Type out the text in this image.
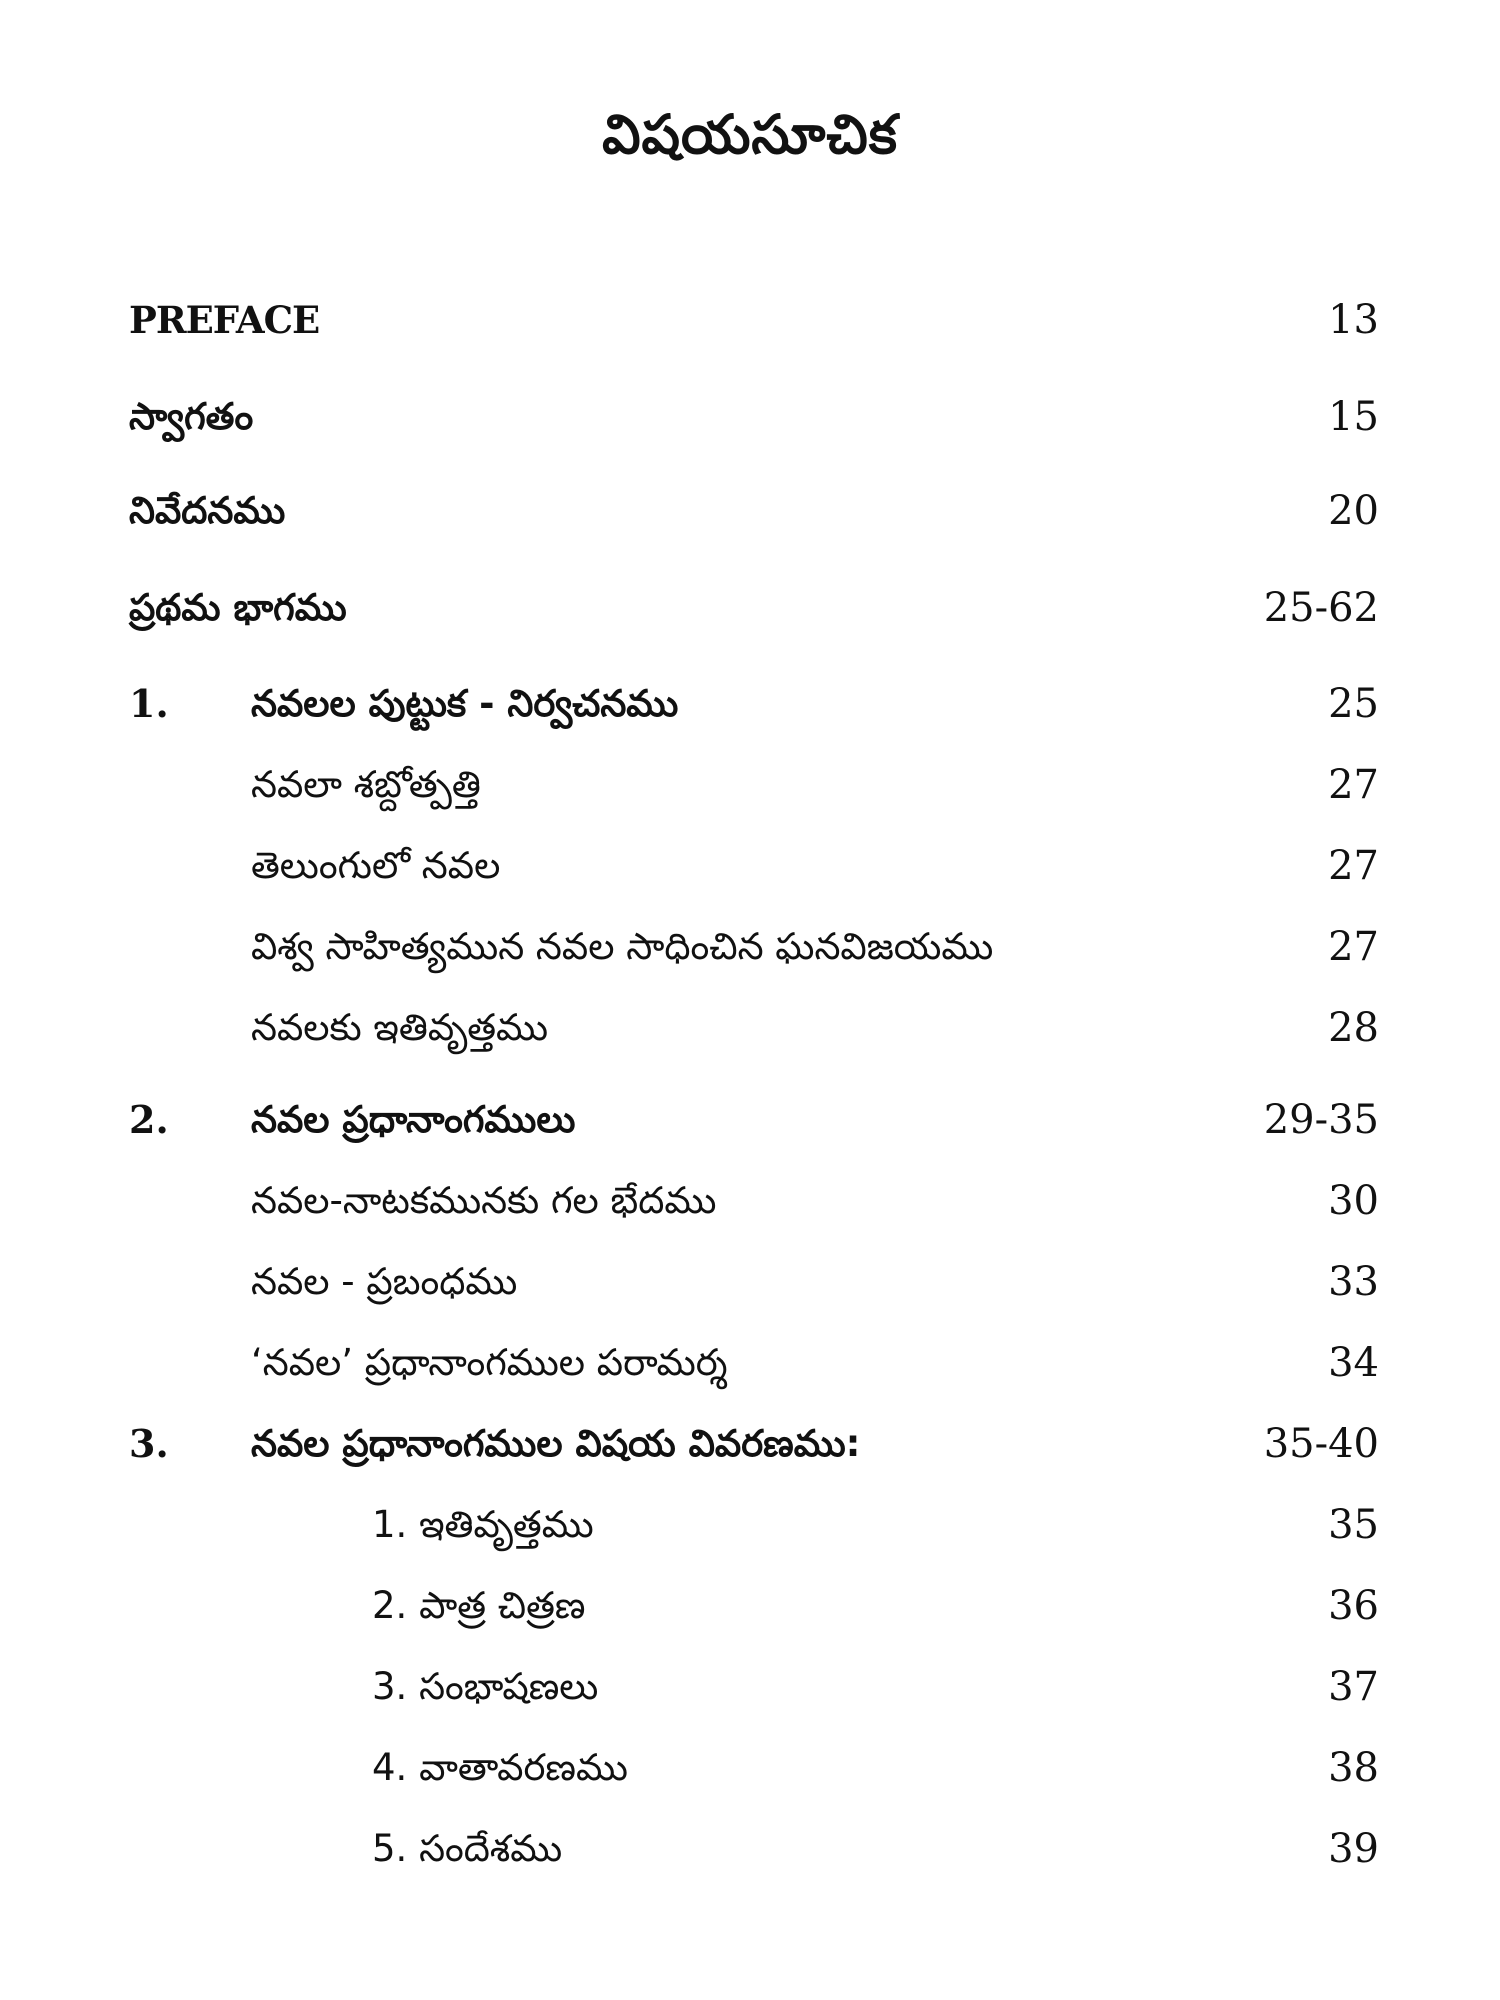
విషయసూచిక
PREFACE	13
స్వాగతం	15
నివేదనము	20
ప్రథమ భాగము	25-62
1. నవలల పుట్టుక - నిర్వచనము	25
నవలా శబ్దోత్పత్తి	27
తెలుంగులో నవల	27
విశ్వ సాహిత్యమున నవల సాధించిన ఘనవిజయము	27
నవలకు ఇతివృత్తము	28
2. నవల ప్రధానాంగములు	29-35
నవల-నాటకమునకు గల భేదము	30
నవల - ప్రబంధము	33
‘నవల’ ప్రధానాంగముల పరామర్శ	34
3. నవల ప్రధానాంగముల విషయ వివరణము:	35-40
1. ఇతివృత్తము	35
2. పాత్ర చిత్రణ	36
3. సంభాషణలు	37
4. వాతావరణము	38
5. సందేశము	39
